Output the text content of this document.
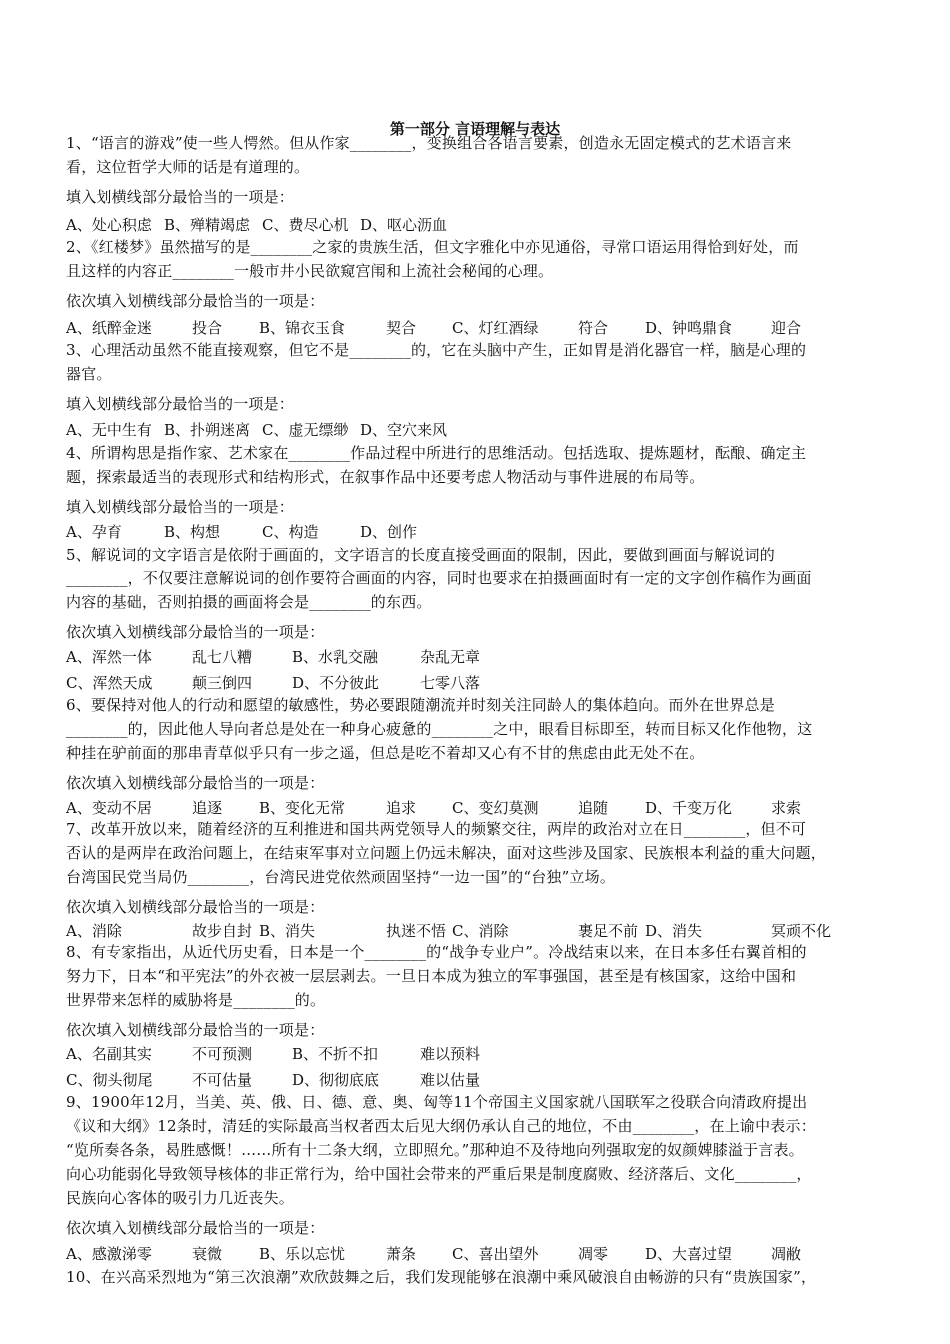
第一部分 言语理解与表达
1、“语言的游戏”使一些人愕然。但从作家________，变换组合各语言要素，创造永无固定模式的艺术语言来
看，这位哲学大师的话是有道理的。
填入划横线部分最恰当的一项是：
A、处心积虑 B、殚精竭虑 C、费尽心机 D、呕心沥血
2、《红楼梦》虽然描写的是________之家的贵族生活，但文字雅化中亦见通俗，寻常口语运用得恰到好处，而
且这样的内容正________一般市井小民欲窥宫闱和上流社会秘闻的心理。
依次填入划横线部分最恰当的一项是：
A、纸醉金迷	投合 B、锦衣玉食	契合 C、灯红酒绿	符合 D、钟鸣鼎食	迎合
3、心理活动虽然不能直接观察，但它不是________的，它在头脑中产生，正如胃是消化器官一样，脑是心理的
器官。
填入划横线部分最恰当的一项是：
A、无中生有 B、扑朔迷离 C、虚无缥缈 D、空穴来风
4、所谓构思是指作家、艺术家在________作品过程中所进行的思维活动。包括选取、提炼题材，酝酿、确定主
题，探索最适当的表现形式和结构形式，在叙事作品中还要考虑人物活动与事件进展的布局等。
填入划横线部分最恰当的一项是：
A、孕育	B、构想	C、构造	D、创作
5、解说词的文字语言是依附于画面的，文字语言的长度直接受画面的限制，因此，要做到画面与解说词的
________，不仅要注意解说词的创作要符合画面的内容，同时也要求在拍摄画面时有一定的文字创作稿作为画面
内容的基础，否则拍摄的画面将会是________的东西。
依次填入划横线部分最恰当的一项是：
A、浑然一体	乱七八糟	B、水乳交融	杂乱无章
C、浑然天成	颠三倒四	D、不分彼此	七零八落
6、要保持对他人的行动和愿望的敏感性，势必要跟随潮流并时刻关注同龄人的集体趋向。而外在世界总是
________的，因此他人导向者总是处在一种身心疲惫的________之中，眼看目标即至，转而目标又化作他物，这
种挂在驴前面的那串青草似乎只有一步之遥，但总是吃不着却又心有不甘的焦虑由此无处不在。
依次填入划横线部分最恰当的一项是：
A、变动不居	追逐 B、变化无常	追求 C、变幻莫测	追随 D、千变万化	求索
7、改革开放以来，随着经济的互利推进和国共两党领导人的频繁交往，两岸的政治对立在日________，但不可
否认的是两岸在政治问题上，在结束军事对立问题上仍远未解决，面对这些涉及国家、民族根本利益的重大问题，
台湾国民党当局仍________，台湾民进党依然顽固坚持“一边一国”的“台独”立场。
依次填入划横线部分最恰当的一项是：
A、消除	故步自封 B、消失	执迷不悟 C、消除	裹足不前 D、消失	冥顽不化
8、有专家指出，从近代历史看，日本是一个________的“战争专业户”。冷战结束以来，在日本多任右翼首相的
努力下，日本“和平宪法”的外衣被一层层剥去。一旦日本成为独立的军事强国，甚至是有核国家，这给中国和
世界带来怎样的威胁将是________的。
依次填入划横线部分最恰当的一项是：
A、名副其实	不可预测	B、不折不扣	难以预料
C、彻头彻尾	不可估量	D、彻彻底底	难以估量
9、1900年12月，当美、英、俄、日、德、意、奥、匈等11个帝国主义国家就八国联军之役联合向清政府提出
《议和大纲》12条时，清廷的实际最高当权者西太后见大纲仍承认自己的地位，不由________，在上谕中表示：
“览所奏各条，曷胜感慨！……所有十二条大纲，立即照允。”那种迫不及待地向列强取宠的奴颜婢膝溢于言表。
向心功能弱化导致领导核体的非正常行为，给中国社会带来的严重后果是制度腐败、经济落后、文化________，
民族向心客体的吸引力几近丧失。
依次填入划横线部分最恰当的一项是：
A、感激涕零	衰微 B、乐以忘忧	萧条 C、喜出望外	凋零 D、大喜过望	凋敝
10、在兴高采烈地为“第三次浪潮”欢欣鼓舞之后，我们发现能够在浪潮中乘风破浪自由畅游的只有“贵族国家”，
